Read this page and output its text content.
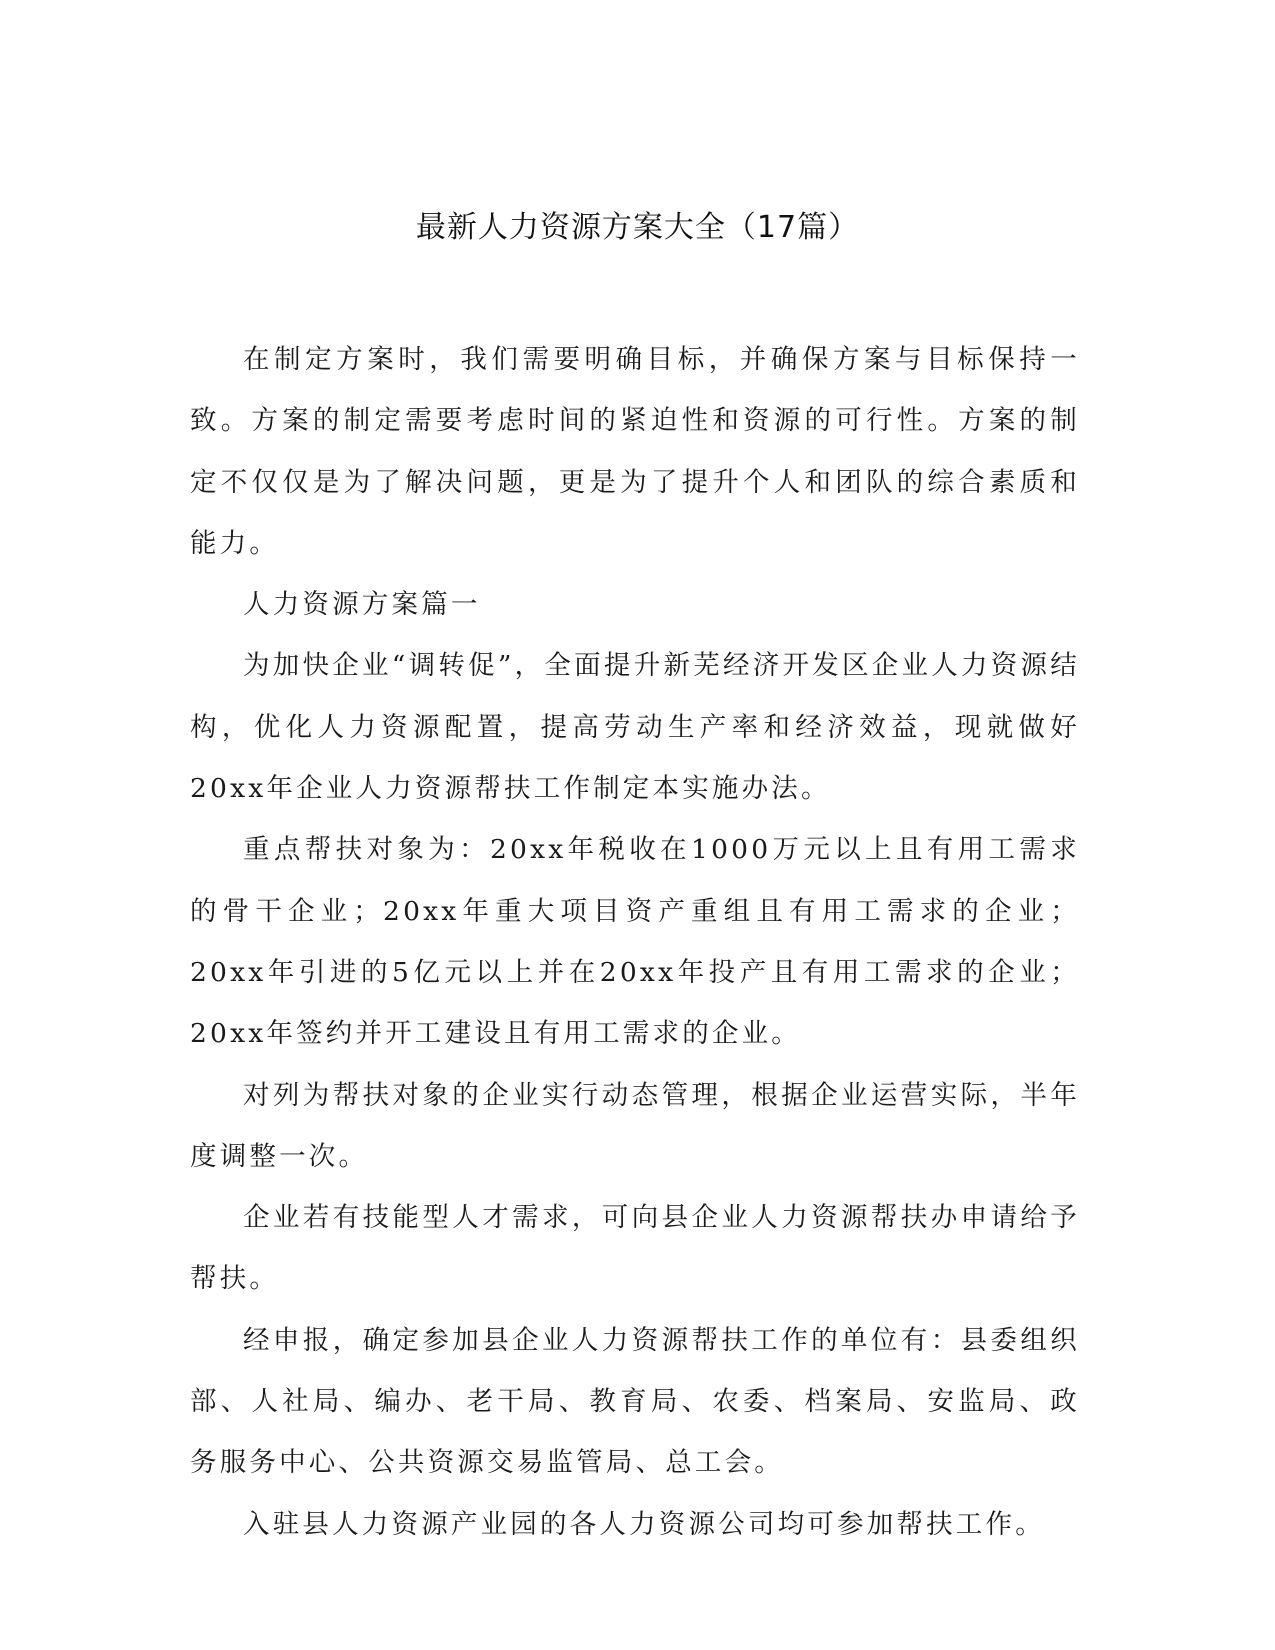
最新人力资源方案大全（17篇）

在制定方案时，我们需要明确目标，并确保方案与目标保持一致。方案的制定需要考虑时间的紧迫性和资源的可行性。方案的制定不仅仅是为了解决问题，更是为了提升个人和团队的综合素质和能力。

人力资源方案篇一

为加快企业“调转促”，全面提升新芜经济开发区企业人力资源结构，优化人力资源配置，提高劳动生产率和经济效益，现就做好20xx年企业人力资源帮扶工作制定本实施办法。

重点帮扶对象为：20xx年税收在1000万元以上且有用工需求的骨干企业；20xx年重大项目资产重组且有用工需求的企业；20xx年引进的5亿元以上并在20xx年投产且有用工需求的企业；20xx年签约并开工建设且有用工需求的企业。

对列为帮扶对象的企业实行动态管理，根据企业运营实际，半年度调整一次。

企业若有技能型人才需求，可向县企业人力资源帮扶办申请给予帮扶。

经申报，确定参加县企业人力资源帮扶工作的单位有：县委组织部、人社局、编办、老干局、教育局、农委、档案局、安监局、政务服务中心、公共资源交易监管局、总工会。

入驻县人力资源产业园的各人力资源公司均可参加帮扶工作。
